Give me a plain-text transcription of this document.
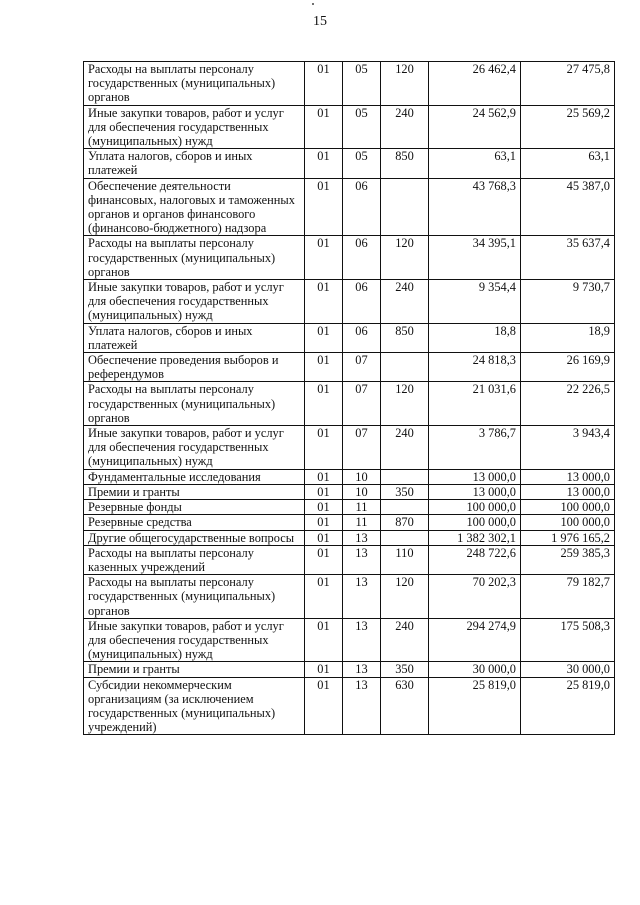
15
Расходы на выплаты персоналу государственных (муниципальных) органов	01	05	120	26 462,4	27 475,8
Иные закупки товаров, работ и услуг для обеспечения государственных (муниципальных) нужд	01	05	240	24 562,9	25 569,2
Уплата налогов, сборов и иных платежей	01	05	850	63,1	63,1
Обеспечение деятельности финансовых, налоговых и таможенных органов и органов финансового (финансово-бюджетного) надзора	01	06		43 768,3	45 387,0
Расходы на выплаты персоналу государственных (муниципальных) органов	01	06	120	34 395,1	35 637,4
Иные закупки товаров, работ и услуг для обеспечения государственных (муниципальных) нужд	01	06	240	9 354,4	9 730,7
Уплата налогов, сборов и иных платежей	01	06	850	18,8	18,9
Обеспечение проведения выборов и референдумов	01	07		24 818,3	26 169,9
Расходы на выплаты персоналу государственных (муниципальных) органов	01	07	120	21 031,6	22 226,5
Иные закупки товаров, работ и услуг для обеспечения государственных (муниципальных) нужд	01	07	240	3 786,7	3 943,4
Фундаментальные исследования	01	10		13 000,0	13 000,0
Премии и гранты	01	10	350	13 000,0	13 000,0
Резервные фонды	01	11		100 000,0	100 000,0
Резервные средства	01	11	870	100 000,0	100 000,0
Другие общегосударственные вопросы	01	13		1 382 302,1	1 976 165,2
Расходы на выплаты персоналу казенных учреждений	01	13	110	248 722,6	259 385,3
Расходы на выплаты персоналу государственных (муниципальных) органов	01	13	120	70 202,3	79 182,7
Иные закупки товаров, работ и услуг для обеспечения государственных (муниципальных) нужд	01	13	240	294 274,9	175 508,3
Премии и гранты	01	13	350	30 000,0	30 000,0
Субсидии некоммерческим организациям (за исключением государственных (муниципальных) учреждений)	01	13	630	25 819,0	25 819,0
